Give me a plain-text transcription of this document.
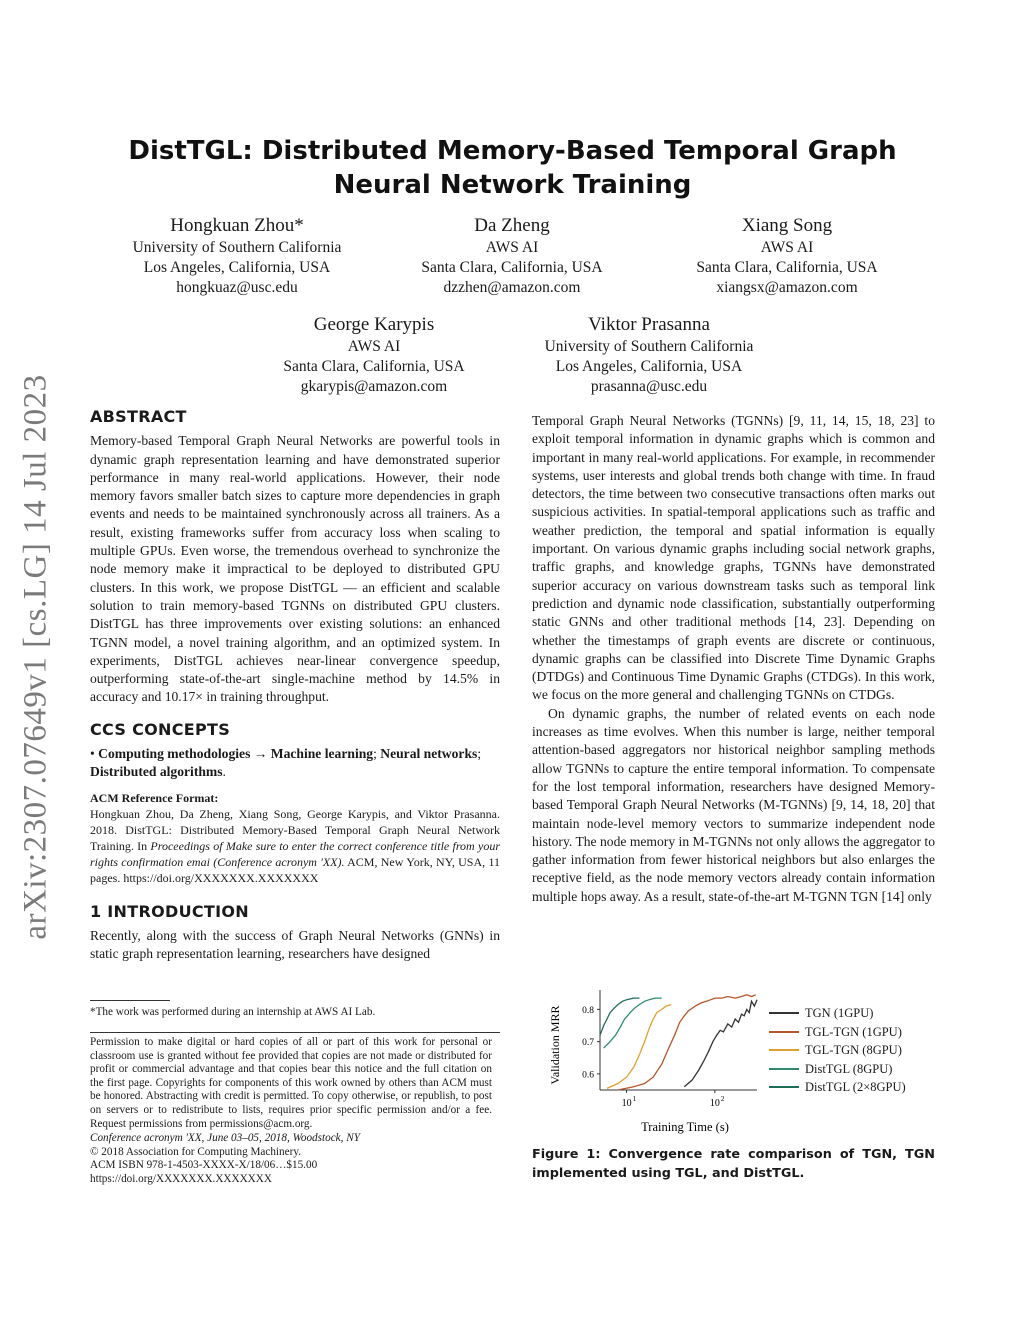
arXiv:2307.07649v1 [cs.LG] 14 Jul 2023
DistTGL: Distributed Memory-Based Temporal Graph Neural Network Training
Hongkuan Zhou*
University of Southern California
Los Angeles, California, USA
hongkuaz@usc.edu
Da Zheng
AWS AI
Santa Clara, California, USA
dzzhen@amazon.com
Xiang Song
AWS AI
Santa Clara, California, USA
xiangsx@amazon.com
George Karypis
AWS AI
Santa Clara, California, USA
gkarypis@amazon.com
Viktor Prasanna
University of Southern California
Los Angeles, California, USA
prasanna@usc.edu
ABSTRACT

Memory-based Temporal Graph Neural Networks are powerful tools in dynamic graph representation learning and have demonstrated superior performance in many real-world applications. However, their node memory favors smaller batch sizes to capture more dependencies in graph events and needs to be maintained synchronously across all trainers. As a result, existing frameworks suffer from accuracy loss when scaling to multiple GPUs. Even worse, the tremendous overhead to synchronize the node memory make it impractical to be deployed to distributed GPU clusters. In this work, we propose DistTGL — an efficient and scalable solution to train memory-based TGNNs on distributed GPU clusters. DistTGL has three improvements over existing solutions: an enhanced TGNN model, a novel training algorithm, and an optimized system. In experiments, DistTGL achieves near-linear convergence speedup, outperforming state-of-the-art single-machine method by 14.5% in accuracy and 10.17× in training throughput.

CCS CONCEPTS

• Computing methodologies → Machine learning; Neural networks; Distributed algorithms.

ACM Reference Format:

Hongkuan Zhou, Da Zheng, Xiang Song, George Karypis, and Viktor Prasanna. 2018. DistTGL: Distributed Memory-Based Temporal Graph Neural Network Training. In Proceedings of Make sure to enter the correct conference title from your rights confirmation emai (Conference acronym 'XX). ACM, New York, NY, USA, 11 pages. https://doi.org/XXXXXXX.XXXXXXX

1 INTRODUCTION

Recently, along with the success of Graph Neural Networks (GNNs) in static graph representation learning, researchers have designed

*The work was performed during an internship at AWS AI Lab.
Permission to make digital or hard copies of all or part of this work for personal or classroom use is granted without fee provided that copies are not made or distributed for profit or commercial advantage and that copies bear this notice and the full citation on the first page. Copyrights for components of this work owned by others than ACM must be honored. Abstracting with credit is permitted. To copy otherwise, or republish, to post on servers or to redistribute to lists, requires prior specific permission and/or a fee. Request permissions from permissions@acm.org.
Conference acronym 'XX, June 03–05, 2018, Woodstock, NY
© 2018 Association for Computing Machinery.
ACM ISBN 978-1-4503-XXXX-X/18/06…$15.00
https://doi.org/XXXXXXX.XXXXXXX

Temporal Graph Neural Networks (TGNNs) [9, 11, 14, 15, 18, 23] to exploit temporal information in dynamic graphs which is common and important in many real-world applications. For example, in recommender systems, user interests and global trends both change with time. In fraud detectors, the time between two consecutive transactions often marks out suspicious activities. In spatial-temporal applications such as traffic and weather prediction, the temporal and spatial information is equally important. On various dynamic graphs including social network graphs, traffic graphs, and knowledge graphs, TGNNs have demonstrated superior accuracy on various downstream tasks such as temporal link prediction and dynamic node classification, substantially outperforming static GNNs and other traditional methods [14, 23]. Depending on whether the timestamps of graph events are discrete or continuous, dynamic graphs can be classified into Discrete Time Dynamic Graphs (DTDGs) and Continuous Time Dynamic Graphs (CTDGs). In this work, we focus on the more general and challenging TGNNs on CTDGs.

On dynamic graphs, the number of related events on each node increases as time evolves. When this number is large, neither temporal attention-based aggregators nor historical neighbor sampling methods allow TGNNs to capture the entire temporal information. To compensate for the lost temporal information, researchers have designed Memory-based Temporal Graph Neural Networks (M-TGNNs) [9, 14, 18, 20] that maintain node-level memory vectors to summarize independent node history. The node memory in M-TGNNs not only allows the aggregator to gather information from fewer historical neighbors but also enlarges the receptive field, as the node memory vectors already contain information multiple hops away. As a result, state-of-the-art M-TGNN TGN [14] only

0.6
0.7
0.8
10 1	10 2
Validation MRR
Training Time (s)
TGN (1GPU)
TGL-TGN (1GPU)
TGL-TGN (8GPU)
DistTGL (8GPU)
DistTGL (2×8GPU)
Figure 1: Convergence rate comparison of TGN, TGN implemented using TGL, and DistTGL.
